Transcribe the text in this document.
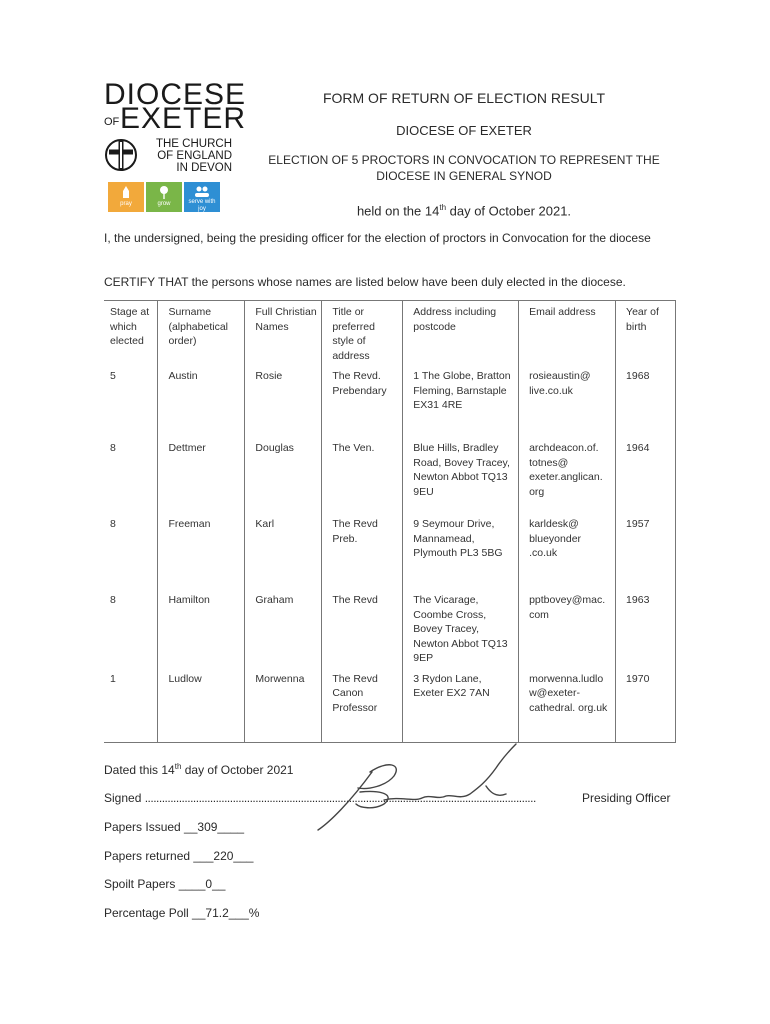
DIOCESE
OF EXETER
THE CHURCH
OF ENGLAND
IN DEVON
pray	grow	serve with joy
FORM OF RETURN OF ELECTION RESULT
DIOCESE OF EXETER
ELECTION OF 5 PROCTORS IN CONVOCATION TO REPRESENT THE
DIOCESE IN GENERAL SYNOD
held on the 14th day of October 2021.
I, the undersigned, being the presiding officer for the election of proctors in Convocation for the diocese
CERTIFY THAT the persons whose names are listed below have been duly elected in the diocese.
Stage at which elected	Surname (alphabetical order)	Full Christian Names	Title or preferred style of address	Address including postcode	Email address	Year of birth
5	Austin	Rosie	The Revd. Prebendary	1 The Globe, Bratton Fleming, Barnstaple EX31 4RE	rosieaustin@ live.co.uk	1968
8	Dettmer	Douglas	The Ven.	Blue Hills, Bradley Road, Bovey Tracey, Newton Abbot TQ13 9EU	archdeacon.of. totnes@ exeter.anglican. org	1964
8	Freeman	Karl	The Revd Preb.	9 Seymour Drive, Mannamead, Plymouth PL3 5BG	karldesk@ blueyonder .co.uk	1957
8	Hamilton	Graham	The Revd	The Vicarage, Coombe Cross, Bovey Tracey, Newton Abbot TQ13 9EP	pptbovey@mac. com	1963
1	Ludlow	Morwenna	The Revd Canon Professor	3 Rydon Lane, Exeter EX2 7AN	morwenna.ludlo w@exeter- cathedral. org.uk	1970
Dated this 14th day of October 2021
Signed ..........................................................................................................................................	Presiding Officer
Papers Issued __309____
Papers returned ___220___
Spoilt Papers ____0__
Percentage Poll __71.2___%
